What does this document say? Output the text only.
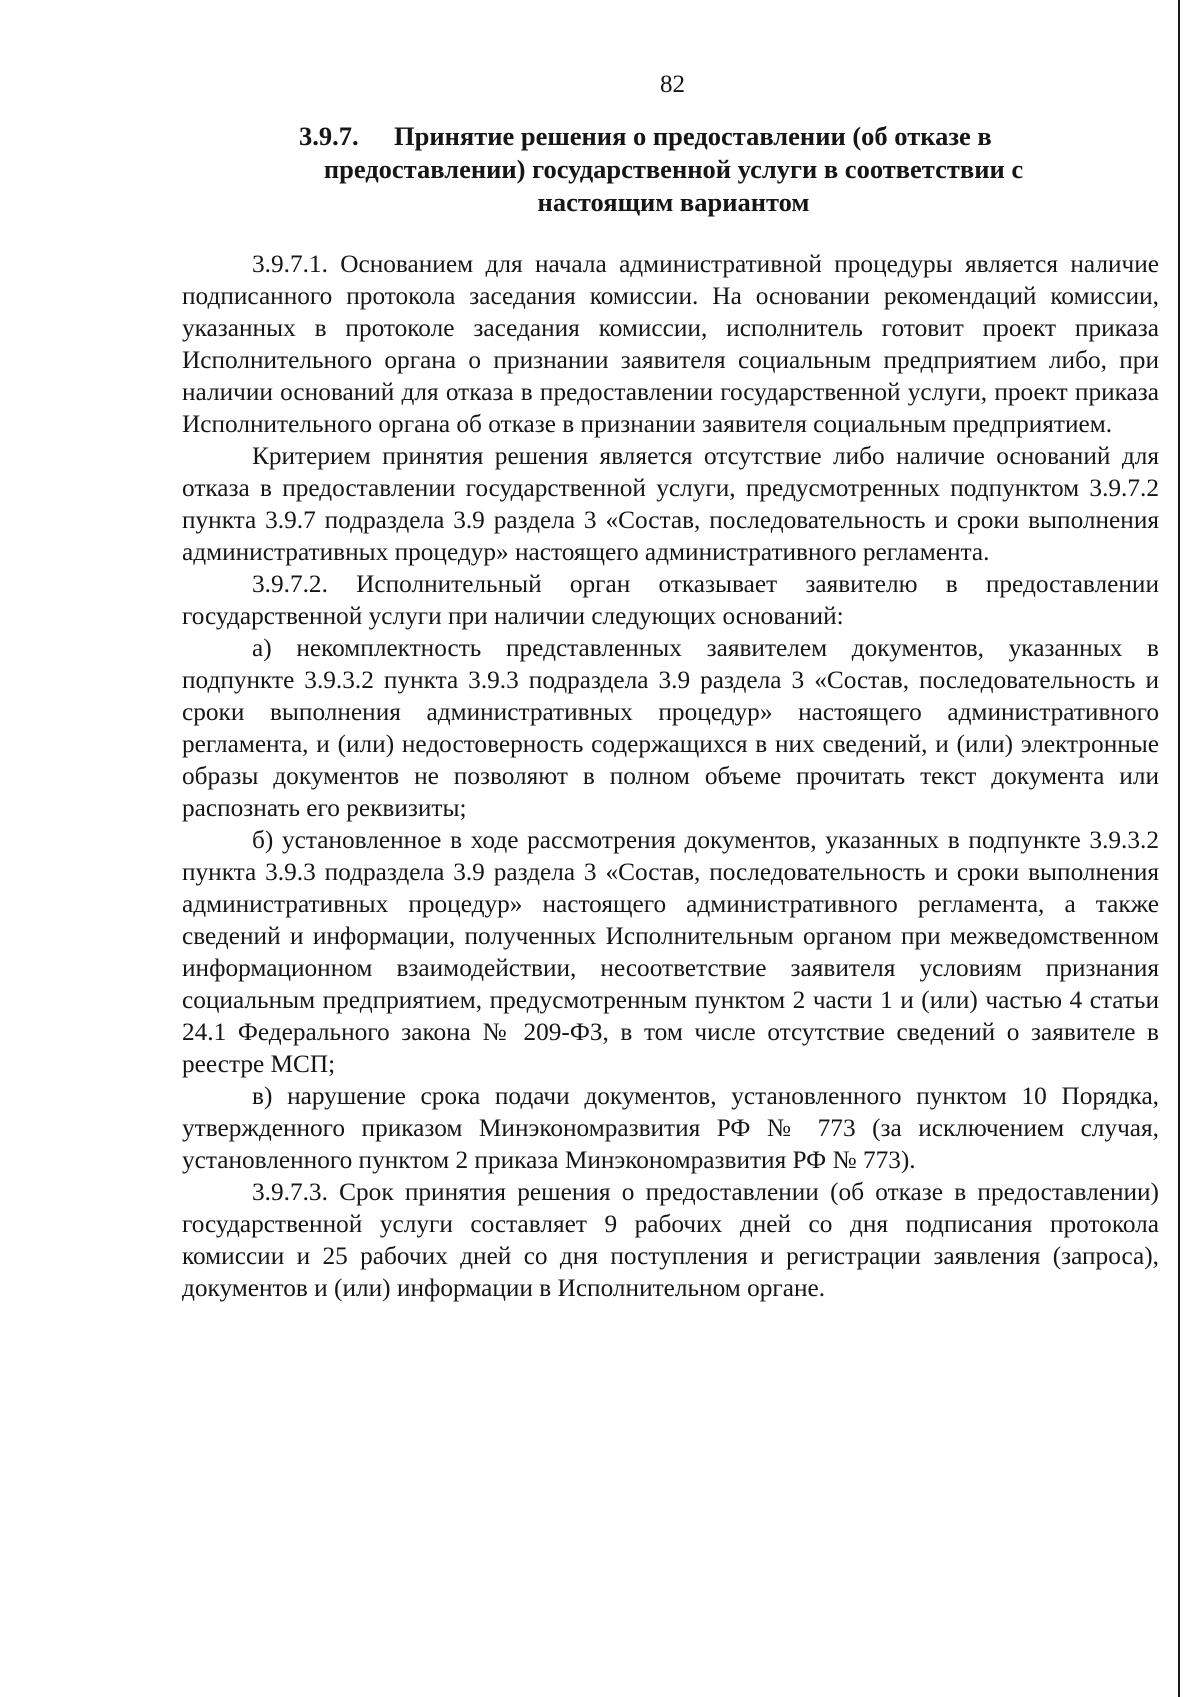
82
3.9.7. Принятие решения о предоставлении (об отказе в
предоставлении) государственной услуги в соответствии с настоящим вариантом

3.9.7.1. Основанием для начала административной процедуры является наличие подписанного протокола заседания комиссии. На основании рекомендаций комиссии, указанных в протоколе заседания комиссии, исполнитель готовит проект приказа Исполнительного органа о признании заявителя социальным предприятием либо, при наличии оснований для отказа в предоставлении государственной услуги, проект приказа Исполнительного органа об отказе в признании заявителя социальным предприятием.

Критерием принятия решения является отсутствие либо наличие оснований для отказа в предоставлении государственной услуги, предусмотренных подпунктом 3.9.7.2 пункта 3.9.7 подраздела 3.9 раздела 3 «Состав, последовательность и сроки выполнения административных процедур» настоящего административного регламента.

3.9.7.2. Исполнительный орган отказывает заявителю в предоставлении государственной услуги при наличии следующих оснований:

а) некомплектность представленных заявителем документов, указанных в подпункте 3.9.3.2 пункта 3.9.3 подраздела 3.9 раздела 3 «Состав, последовательность и сроки выполнения административных процедур» настоящего административного регламента, и (или) недостоверность содержащихся в них сведений, и (или) электронные образы документов не позволяют в полном объеме прочитать текст документа или распознать его реквизиты;

б) установленное в ходе рассмотрения документов, указанных в подпункте 3.9.3.2 пункта 3.9.3 подраздела 3.9 раздела 3 «Состав, последовательность и сроки выполнения административных процедур» настоящего административного регламента, а также сведений и информации, полученных Исполнительным органом при межведомственном информационном взаимодействии, несоответствие заявителя условиям признания социальным предприятием, предусмотренным пунктом 2 части 1 и (или) частью 4 статьи 24.1 Федерального закона № 209-ФЗ, в том числе отсутствие сведений о заявителе в реестре МСП;

в) нарушение срока подачи документов, установленного пунктом 10 Порядка, утвержденного приказом Минэкономразвития РФ № 773 (за исключением случая, установленного пунктом 2 приказа Минэкономразвития РФ № 773).

3.9.7.3. Срок принятия решения о предоставлении (об отказе в предоставлении) государственной услуги составляет 9 рабочих дней со дня подписания протокола комиссии и 25 рабочих дней со дня поступления и регистрации заявления (запроса), документов и (или) информации в Исполнительном органе.
